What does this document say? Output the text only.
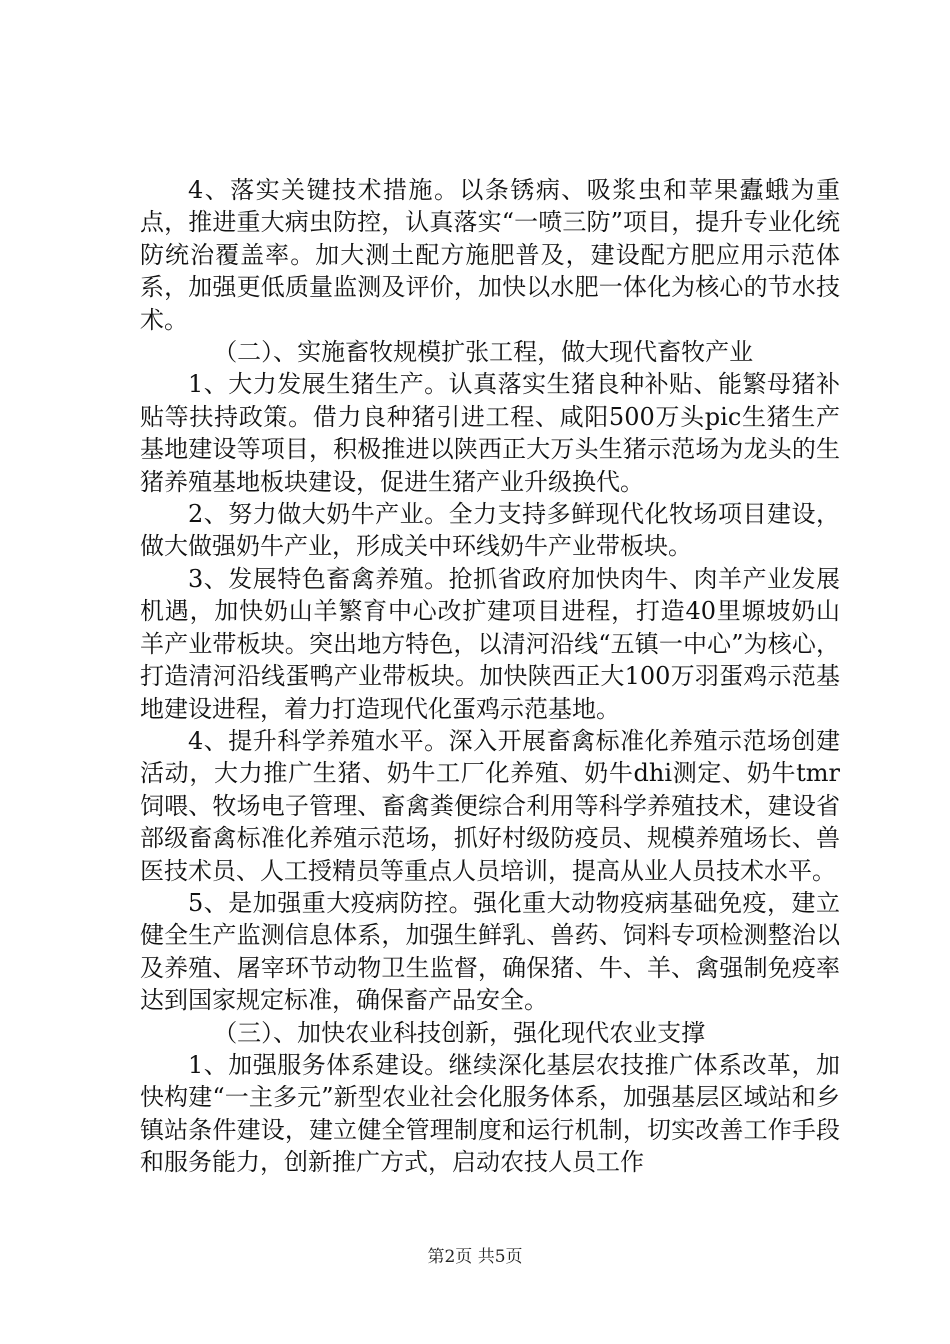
4、落实关键技术措施。以条锈病、吸浆虫和苹果蠹蛾为重点，推进重大病虫防控，认真落实“一喷三防”项目，提升专业化统防统治覆盖率。加大测土配方施肥普及，建设配方肥应用示范体系，加强更低质量监测及评价，加快以水肥一体化为核心的节水技术。

（二）、实施畜牧规模扩张工程，做大现代畜牧产业

1、大力发展生猪生产。认真落实生猪良种补贴、能繁母猪补贴等扶持政策。借力良种猪引进工程、咸阳500万头pic生猪生产基地建设等项目，积极推进以陕西正大万头生猪示范场为龙头的生猪养殖基地板块建设，促进生猪产业升级换代。

2、努力做大奶牛产业。全力支持多鲜现代化牧场项目建设，做大做强奶牛产业，形成关中环线奶牛产业带板块。

3、发展特色畜禽养殖。抢抓省政府加快肉牛、肉羊产业发展机遇，加快奶山羊繁育中心改扩建项目进程，打造40里塬坡奶山羊产业带板块。突出地方特色，以清河沿线“五镇一中心”为核心，打造清河沿线蛋鸭产业带板块。加快陕西正大100万羽蛋鸡示范基地建设进程，着力打造现代化蛋鸡示范基地。

4、提升科学养殖水平。深入开展畜禽标准化养殖示范场创建活动，大力推广生猪、奶牛工厂化养殖、奶牛dhi测定、奶牛tmr饲喂、牧场电子管理、畜禽粪便综合利用等科学养殖技术，建设省部级畜禽标准化养殖示范场，抓好村级防疫员、规模养殖场长、兽医技术员、人工授精员等重点人员培训，提高从业人员技术水平。

5、是加强重大疫病防控。强化重大动物疫病基础免疫，建立健全生产监测信息体系，加强生鲜乳、兽药、饲料专项检测整治以及养殖、屠宰环节动物卫生监督，确保猪、牛、羊、禽强制免疫率达到国家规定标准，确保畜产品安全。

（三）、加快农业科技创新，强化现代农业支撑

1、加强服务体系建设。继续深化基层农技推广体系改革，加快构建“一主多元”新型农业社会化服务体系，加强基层区域站和乡镇站条件建设，建立健全管理制度和运行机制，切实改善工作手段和服务能力，创新推广方式，启动农技人员工作

第2页 共5页
